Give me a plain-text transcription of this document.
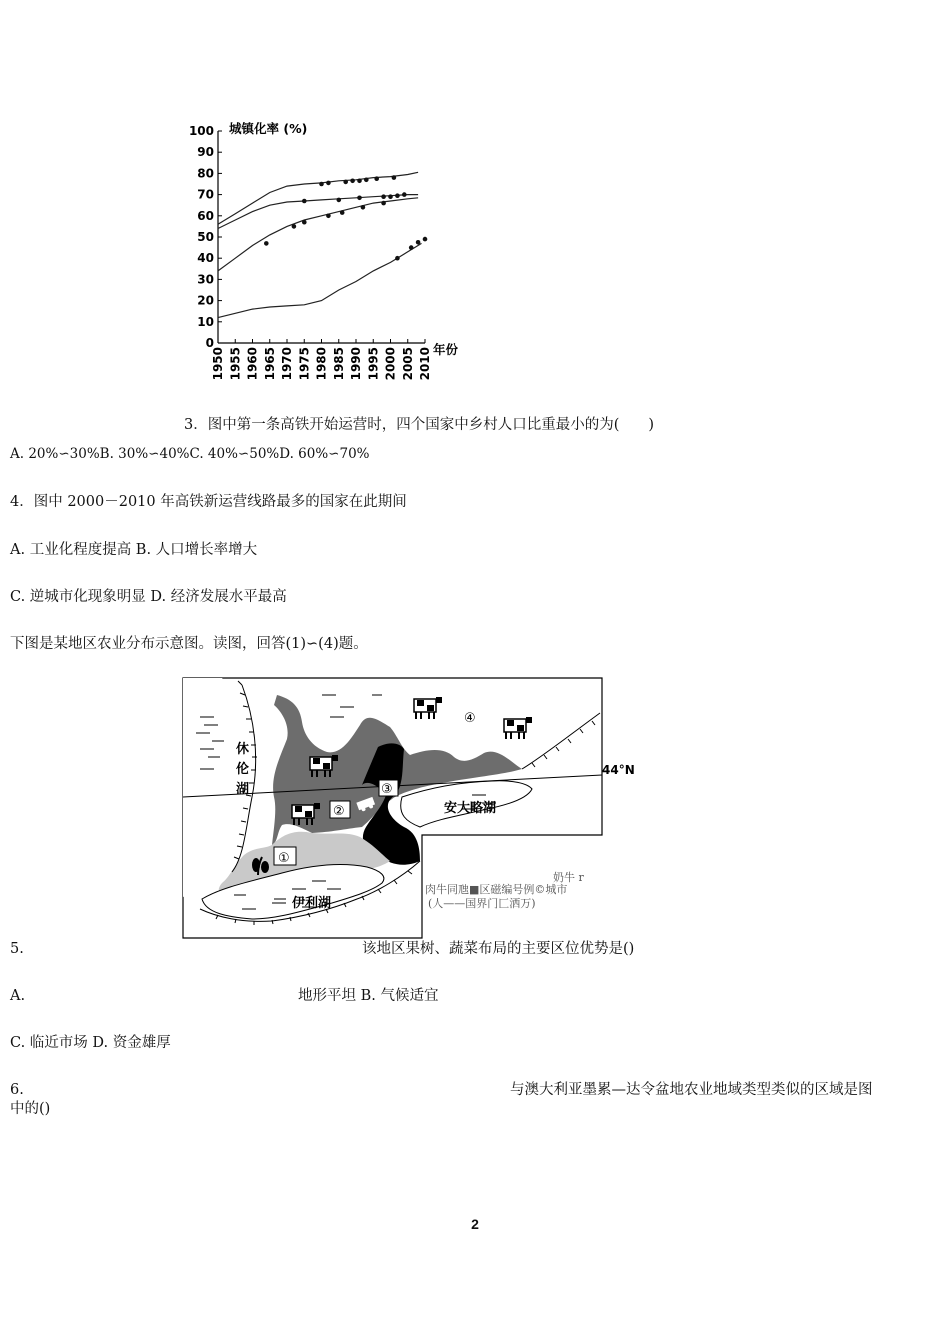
0
10
20
30
40
50
60
70
80
90
100
1950 1955 1960 1965 1970 1975 1980 1985 1990 1995 2000 2005 2010
城镇化率 (%)
年份
3．图中第一条高铁开始运营时，四个国家中乡村人口比重最小的为(　　)
A. 20%∽30%B. 30%∽40%C. 40%∽50%D. 60%∽70%
4．图中 2000－2010 年高铁新运营线路最多的国家在此期间
A. 工业化程度提高 B. 人口增长率增大
C. 逆城市化现象明显 D. 经济发展水平最高
下图是某地区农业分布示意图。读图，回答(1)∽(4)题。
①
②
③
④
休
伦
湖
安大略湖
伊利湖
44°N
奶牛 r
肉牛同虺■区磁编号例©城市
(人——国界门匚洒万)
5.	该地区果树、蔬菜布局的主要区位优势是()
A.	地形平坦 B. 气候适宜
C. 临近市场 D. 资金雄厚
6.	与澳大利亚墨累—达令盆地农业地域类型类似的区域是图
中的()
2
